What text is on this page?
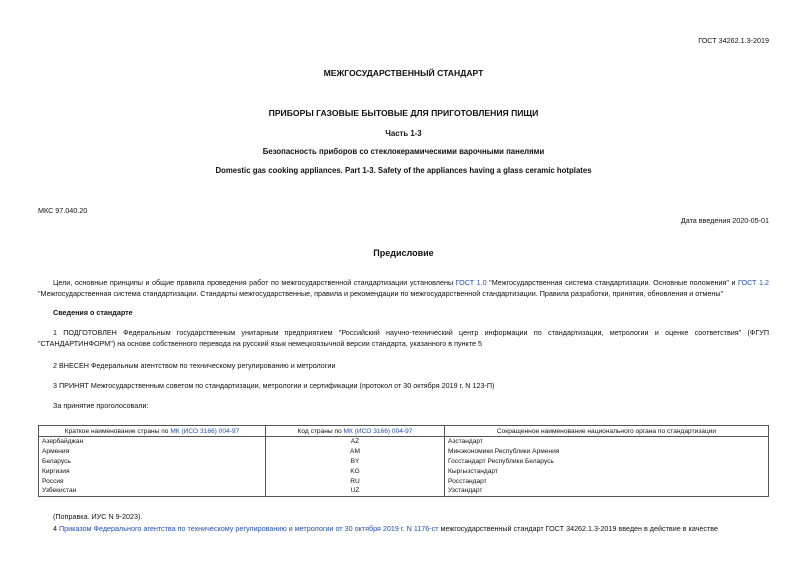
ГОСТ 34262.1.3-2019
МЕЖГОСУДАРСТВЕННЫЙ СТАНДАРТ
ПРИБОРЫ ГАЗОВЫЕ БЫТОВЫЕ ДЛЯ ПРИГОТОВЛЕНИЯ ПИЩИ
Часть 1-3
Безопасность приборов со стеклокерамическими варочными панелями
Domestic gas cooking appliances. Part 1-3. Safety of the appliances having a glass ceramic hotplates
МКС 97.040.20
Дата введения 2020-05-01
Предисловие
Цели, основные принципы и общие правила проведения работ по межгосударственной стандартизации установлены ГОСТ 1.0 "Межгосударственная система стандартизации. Основные положения" и ГОСТ 1.2 "Межгосударственная система стандартизации. Стандарты межгосударственные, правила и рекомендации по межгосударственной стандартизации. Правила разработки, принятия, обновления и отмены"
Сведения о стандарте
1 ПОДГОТОВЛЕН Федеральным государственным унитарным предприятием "Российский научно-технический центр информации по стандартизации, метрологии и оценке соответствия" (ФГУП "СТАНДАРТИНФОРМ") на основе собственного перевода на русский язык немецкоязычной версии стандарта, указанного в пункте 5
2 ВНЕСЕН Федеральным агентством по техническому регулированию и метрологии
3 ПРИНЯТ Межгосударственным советом по стандартизации, метрологии и сертификации (протокол от 30 октября 2019 г. N 123-П)
За принятие проголосовали:
Краткое наименование страны по МК (ИСО 3166) 004-97	Код страны по МК (ИСО 3166) 004-97	Сокращенное наименование национального органа по стандартизации
Азербайджан	AZ	Азстандарт
Армения	AM	Минэкономики Республики Армения
Беларусь	BY	Госстандарт Республики Беларусь
Киргизия	KG	Кыргызстандарт
Россия	RU	Росстандарт
Узбекистан	UZ	Узстандарт
(Поправка. ИУС N 9-2023).
4 Приказом Федерального агентства по техническому регулированию и метрологии от 30 октября 2019 г. N 1176-ст межгосударственный стандарт ГОСТ 34262.1.3-2019 введен в действие в качестве
